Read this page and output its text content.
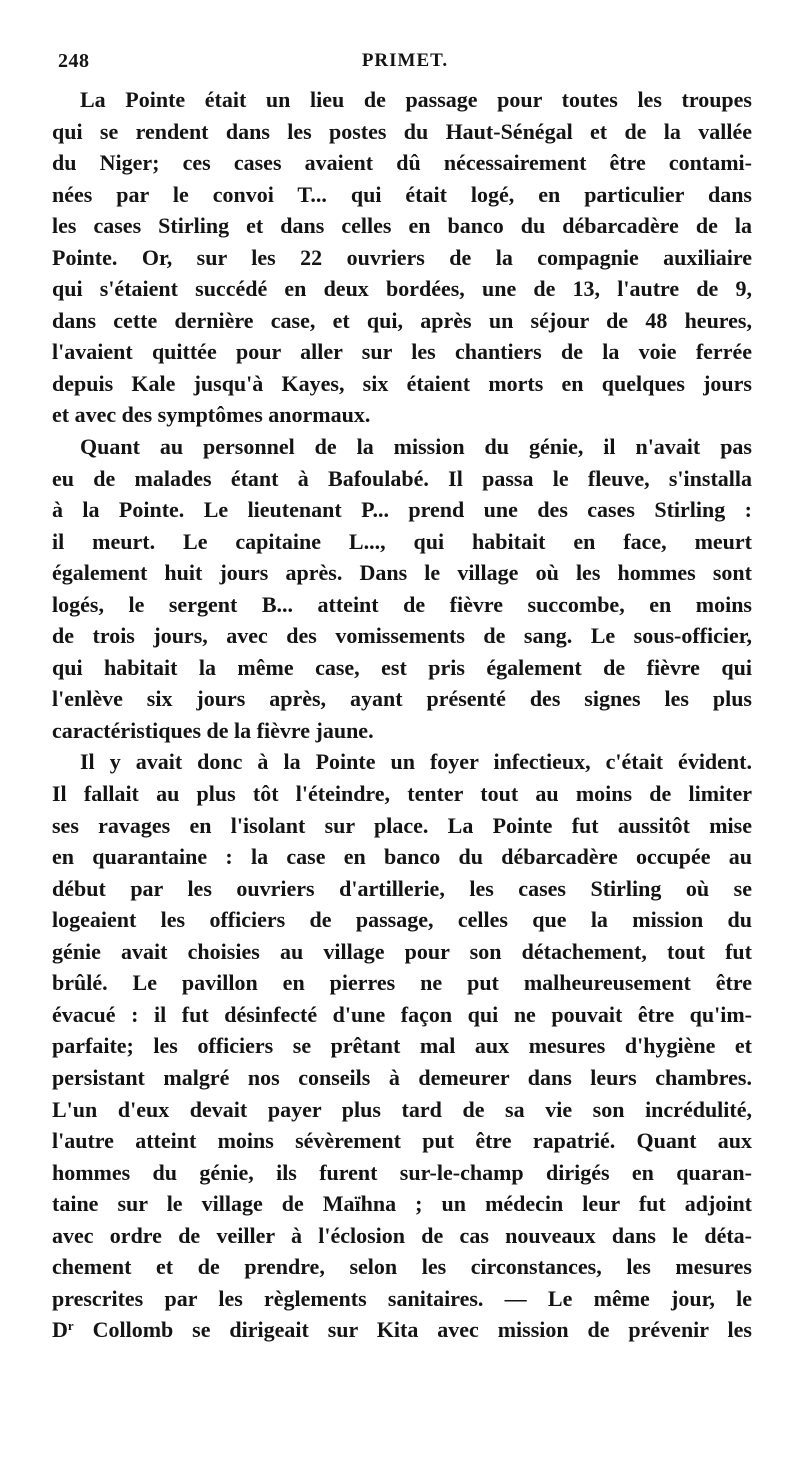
248	PRIMET.
La Pointe était un lieu de passage pour toutes les troupes
qui se rendent dans les postes du Haut-Sénégal et de la vallée
du Niger; ces cases avaient dû nécessairement être contami-
nées par le convoi T... qui était logé, en particulier dans
les cases Stirling et dans celles en banco du débarcadère de la
Pointe. Or, sur les 22 ouvriers de la compagnie auxiliaire
qui s'étaient succédé en deux bordées, une de 13, l'autre de 9,
dans cette dernière case, et qui, après un séjour de 48 heures,
l'avaient quittée pour aller sur les chantiers de la voie ferrée
depuis Kale jusqu'à Kayes, six étaient morts en quelques jours
et avec des symptômes anormaux.
Quant au personnel de la mission du génie, il n'avait pas
eu de malades étant à Bafoulabé. Il passa le fleuve, s'installa
à la Pointe. Le lieutenant P... prend une des cases Stirling :
il meurt. Le capitaine L..., qui habitait en face, meurt
également huit jours après. Dans le village où les hommes sont
logés, le sergent B... atteint de fièvre succombe, en moins
de trois jours, avec des vomissements de sang. Le sous-officier,
qui habitait la même case, est pris également de fièvre qui
l'enlève six jours après, ayant présenté des signes les plus
caractéristiques de la fièvre jaune.
Il y avait donc à la Pointe un foyer infectieux, c'était évident.
Il fallait au plus tôt l'éteindre, tenter tout au moins de limiter
ses ravages en l'isolant sur place. La Pointe fut aussitôt mise
en quarantaine : la case en banco du débarcadère occupée au
début par les ouvriers d'artillerie, les cases Stirling où se
logeaient les officiers de passage, celles que la mission du
génie avait choisies au village pour son détachement, tout fut
brûlé. Le pavillon en pierres ne put malheureusement être
évacué : il fut désinfecté d'une façon qui ne pouvait être qu'im-
parfaite; les officiers se prêtant mal aux mesures d'hygiène et
persistant malgré nos conseils à demeurer dans leurs chambres.
L'un d'eux devait payer plus tard de sa vie son incrédulité,
l'autre atteint moins sévèrement put être rapatrié. Quant aux
hommes du génie, ils furent sur-le-champ dirigés en quaran-
taine sur le village de Maïhna ; un médecin leur fut adjoint
avec ordre de veiller à l'éclosion de cas nouveaux dans le déta-
chement et de prendre, selon les circonstances, les mesures
prescrites par les règlements sanitaires. — Le même jour, le
$D^r$ Collomb se dirigeait sur Kita avec mission de prévenir les
